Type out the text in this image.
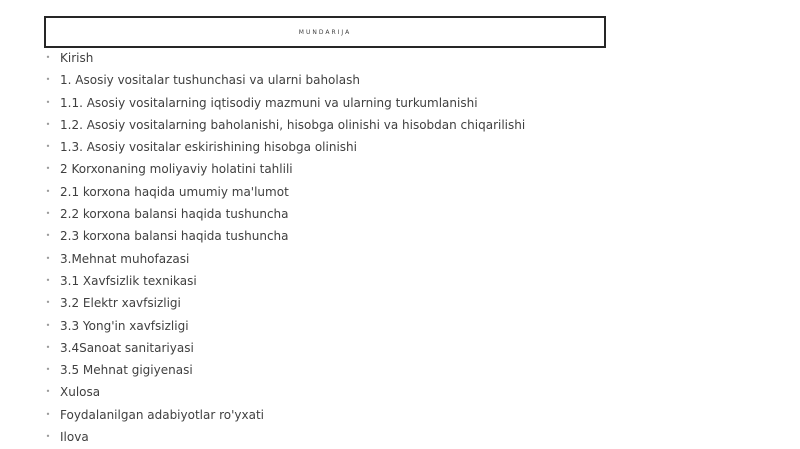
MUNDARIJA
• Kirish
• 1. Asosiy vositalar tushunchasi va ularni baholash
• 1.1. Asosiy vositalarning iqtisodiy mazmuni va ularning turkumlanishi
• 1.2. Asosiy vositalarning baholanishi, hisobga olinishi va hisobdan chiqarilishi
• 1.3. Asosiy vositalar eskirishining hisobga olinishi
• 2 Korxonaning moliyaviy holatini tahlili
• 2.1 korxona haqida umumiy ma'lumot
• 2.2 korxona balansi haqida tushuncha
• 2.3 korxona balansi haqida tushuncha
• 3.Mehnat muhofazasi
• 3.1 Xavfsizlik texnikasi
• 3.2 Elektr xavfsizligi
• 3.3 Yong'in xavfsizligi
• 3.4Sanoat sanitariyasi
• 3.5 Mehnat gigiyenasi
• Xulosa
• Foydalanilgan adabiyotlar ro'yxati
• Ilova
